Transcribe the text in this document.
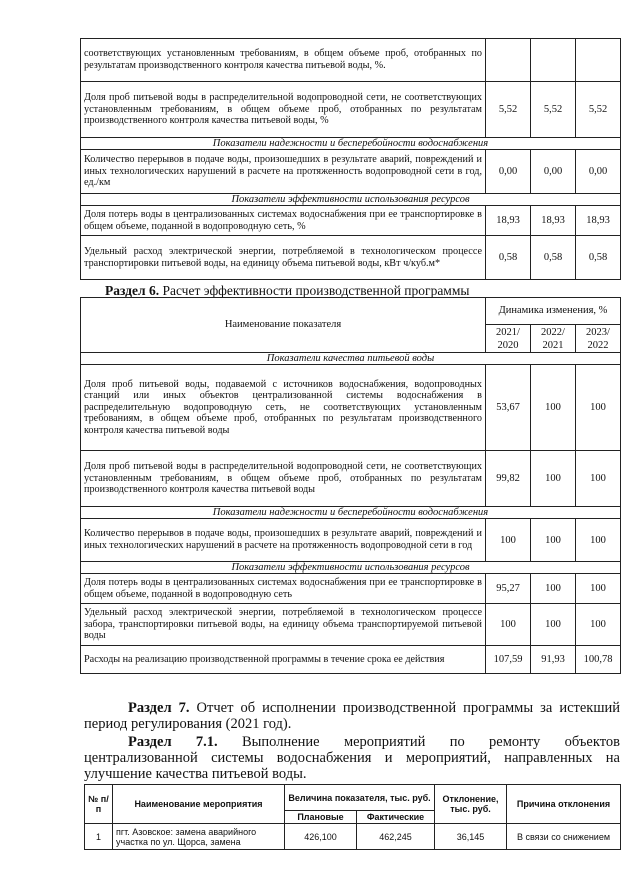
соответствующих установленным требованиям, в общем объеме проб, отобранных по результатам производственного контроля качества питьевой воды, %.			
Доля проб питьевой воды в распределительной водопроводной сети, не соответствующих установленным требованиям, в общем объеме проб, отобранных по результатам производственного контроля качества питьевой воды, %	5,52	5,52	5,52
Показатели надежности и бесперебойности водоснабжения			
Количество перерывов в подаче воды, произошедших в результате аварий, повреждений и иных технологических нарушений в расчете на протяженность водопроводной сети в год, ед./км	0,00	0,00	0,00
Показатели эффективности использования ресурсов			
Доля потерь воды в централизованных системах водоснабжения при ее транспортировке в общем объеме, поданной в водопроводную сеть, %	18,93	18,93	18,93
Удельный расход электрической энергии, потребляемой в технологическом процессе транспортировки питьевой воды, на единицу объема питьевой воды, кВт ч/куб.м*	0,58	0,58	0,58

Раздел 6. Расчет эффективности производственной программы

Наименование показателя	Динамика изменения, %		
	2021/ 2020	2022/ 2021	2023/ 2022
Показатели качества питьевой воды			
Доля проб питьевой воды, подаваемой с источников водоснабжения, водопроводных станций или иных объектов централизованной системы водоснабжения в распределительную водопроводную сеть, не соответствующих установленным требованиям, в общем объеме проб, отобранных по результатам производственного контроля качества питьевой воды	53,67	100	100
Доля проб питьевой воды в распределительной водопроводной сети, не соответствующих установленным требованиям, в общем объеме проб, отобранных по результатам производственного контроля качества питьевой воды	99,82	100	100
Показатели надежности и бесперебойности водоснабжения			
Количество перерывов в подаче воды, произошедших в результате аварий, повреждений и иных технологических нарушений в расчете на протяженность водопроводной сети в год	100	100	100
Показатели эффективности использования ресурсов			
Доля потерь воды в централизованных системах водоснабжения при ее транспортировке в общем объеме, поданной в водопроводную сеть	95,27	100	100
Удельный расход электрической энергии, потребляемой в технологическом процессе забора, транспортировки питьевой воды, на единицу объема транспортируемой питьевой воды	100	100	100
Расходы на реализацию производственной программы в течение срока ее действия	107,59	91,93	100,78

Раздел 7. Отчет об исполнении производственной программы за истекший период регулирования (2021 год).

Раздел 7.1. Выполнение мероприятий по ремонту объектов
централизованной системы водоснабжения и мероприятий, направленных на улучшение качества питьевой воды.
№ п/п	Наименование мероприятия	Величина показателя, тыс. руб.		Отклонение, тыс. руб.	Причина отклонения
		Плановые	Фактические		
1	пгт. Азовское: замена аварийного участка по ул. Щорса, замена	426,100	462,245	36,145	В связи со снижением
